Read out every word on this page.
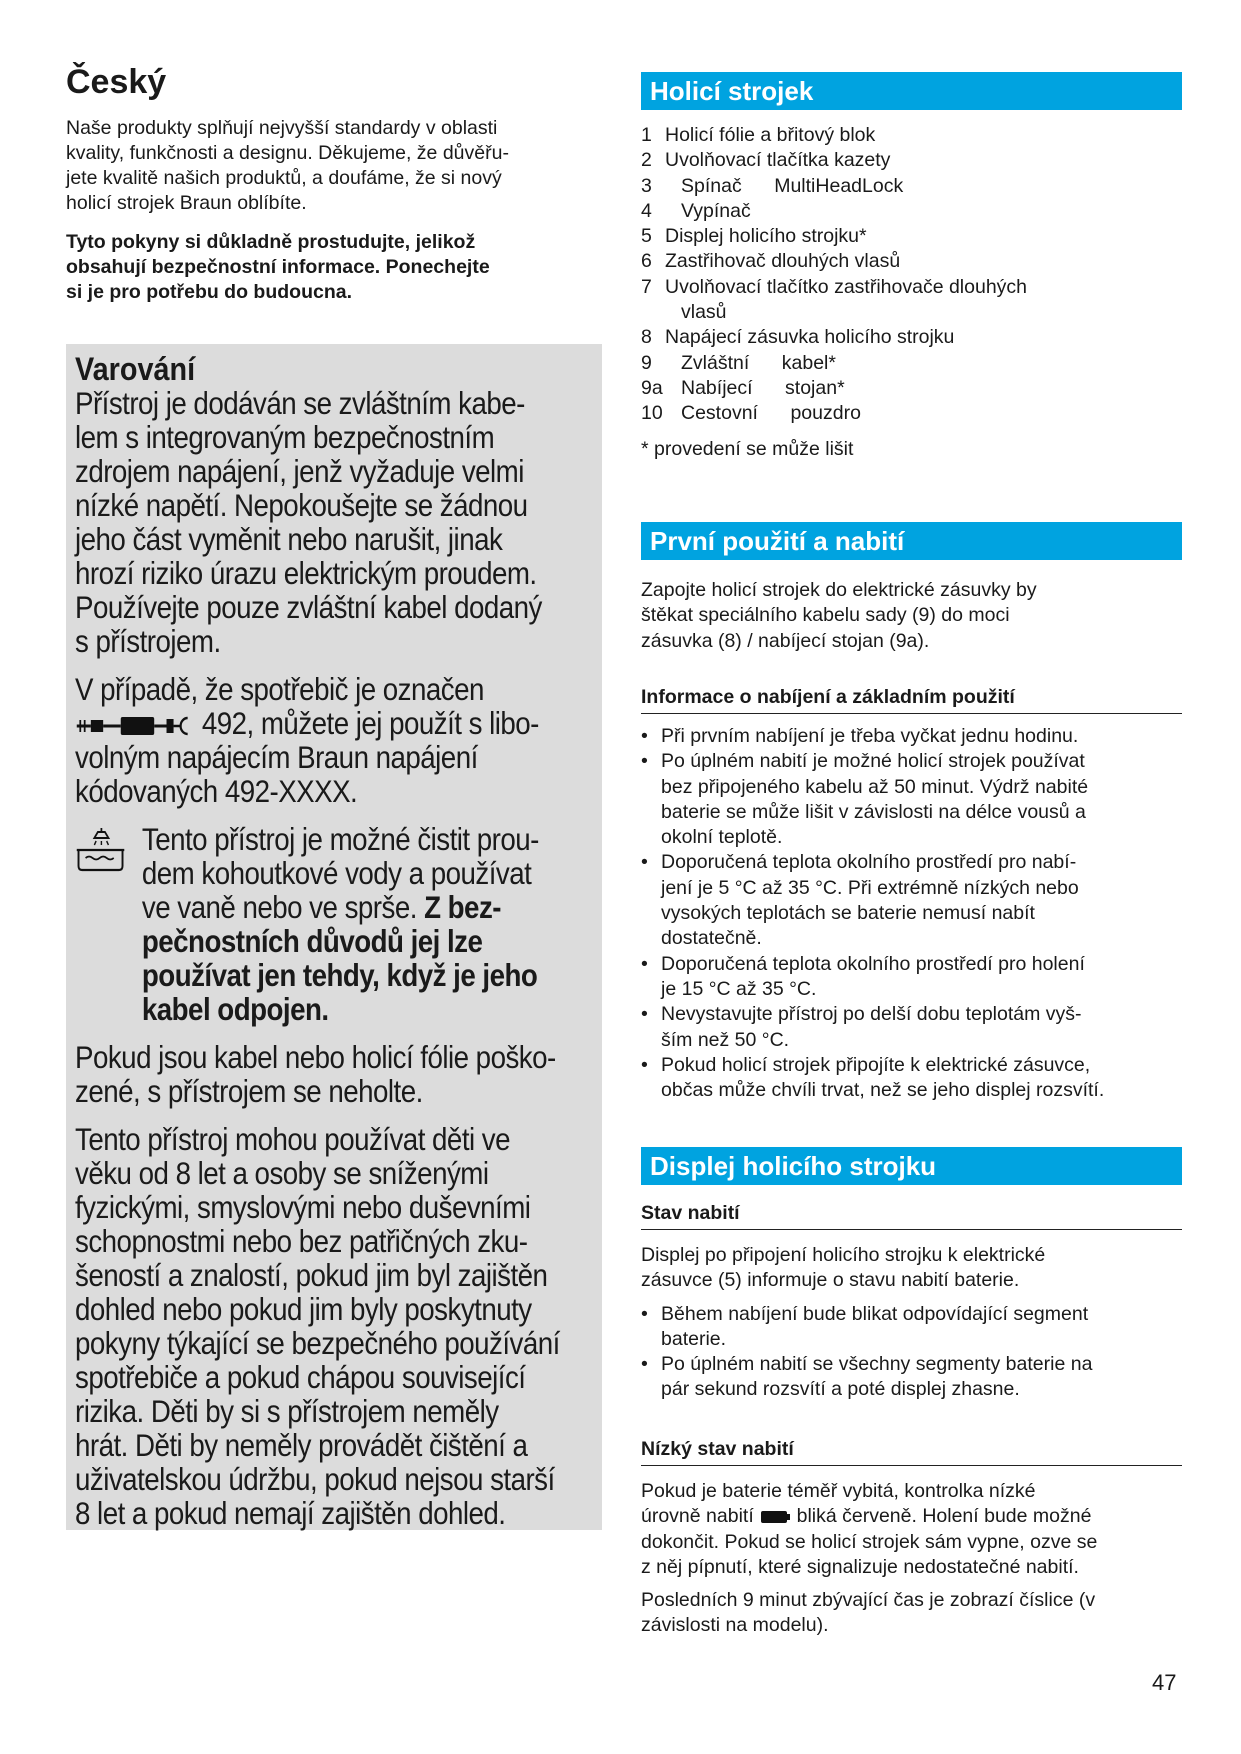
Český
Naše produkty splňují nejvyšší standardy v oblasti
kvality, funkčnosti a designu. Děkujeme, že důvěřu-
jete kvalitě našich produktů, a doufáme, že si nový
holicí strojek Braun oblíbíte.
Tyto pokyny si důkladně prostudujte, jelikož
obsahují bezpečnostní informace. Ponechejte
si je pro potřebu do budoucna.
Varování
Přístroj je dodáván se zvláštním kabe-
lem s integrovaným bezpečnostním
zdrojem napájení, jenž vyžaduje velmi
nízké napětí. Nepokoušejte se žádnou
jeho část vyměnit nebo narušit, jinak
hrozí riziko úrazu elektrickým proudem.
Používejte pouze zvláštní kabel dodaný
s přístrojem.
V případě, že spotřebič je označen
492, můžete jej použít s libo-
volným napájecím Braun napájení
kódovaných 492-XXXX.
Tento přístroj je možné čistit prou-
dem kohoutkové vody a používat
ve vaně nebo ve sprše. Z bez-
pečnostních důvodů jej lze
používat jen tehdy, když je jeho
kabel odpojen.
Pokud jsou kabel nebo holicí fólie poško-
zené, s přístrojem se neholte.
Tento přístroj mohou používat děti ve
věku od 8 let a osoby se sníženými
fyzickými, smyslovými nebo duševními
schopnostmi nebo bez patřičných zku-
šeností a znalostí, pokud jim byl zajištěn
dohled nebo pokud jim byly poskytnuty
pokyny týkající se bezpečného používání
spotřebiče a pokud chápou související
rizika. Děti by si s přístrojem neměly
hrát. Děti by neměly provádět čištění a
uživatelskou údržbu, pokud nejsou starší
8 let a pokud nemají zajištěn dohled.
Holicí strojek
1 Holicí fólie a břitový blok
2 Uvolňovací tlačítka kazety
3	Spínač      MultiHeadLock
4	Vypínač
5 Displej holicího strojku*
6 Zastřihovač dlouhých vlasů
7 Uvolňovací tlačítko zastřihovače dlouhých
vlasů
8 Napájecí zásuvka holicího strojku
9	Zvláštní      kabel*
9a Nabíjecí      stojan*
10 Cestovní      pouzdro
* provedení se může lišit
První použití a nabití
Zapojte holicí strojek do elektrické zásuvky by
štěkat speciálního kabelu sady (9) do moci
zásuvka (8) / nabíjecí stojan (9a).
Informace o nabíjení a základním použití
• Při prvním nabíjení je třeba vyčkat jednu hodinu.
• Po úplném nabití je možné holicí strojek používat
bez připojeného kabelu až 50 minut. Výdrž nabité
baterie se může lišit v závislosti na délce vousů a
okolní teplotě.
• Doporučená teplota okolního prostředí pro nabí-
jení je 5 °C až 35 °C. Při extrémně nízkých nebo
vysokých teplotách se baterie nemusí nabít
dostatečně.
• Doporučená teplota okolního prostředí pro holení
je 15 °C až 35 °C.
• Nevystavujte přístroj po delší dobu teplotám vyš-
ším než 50 °C.
• Pokud holicí strojek připojíte k elektrické zásuvce,
občas může chvíli trvat, než se jeho displej rozsvítí.
Displej holicího strojku
Stav nabití
Displej po připojení holicího strojku k elektrické
zásuvce (5) informuje o stavu nabití baterie.
• Během nabíjení bude blikat odpovídající segment
baterie.
• Po úplném nabití se všechny segmenty baterie na
pár sekund rozsvítí a poté displej zhasne.
Nízký stav nabití
Pokud je baterie téměř vybitá, kontrolka nízké
úrovně nabití bliká červeně. Holení bude možné
dokončit. Pokud se holicí strojek sám vypne, ozve se
z něj pípnutí, které signalizuje nedostatečné nabití.
Posledních 9 minut zbývající čas je zobrazí číslice (v
závislosti na modelu).
47
